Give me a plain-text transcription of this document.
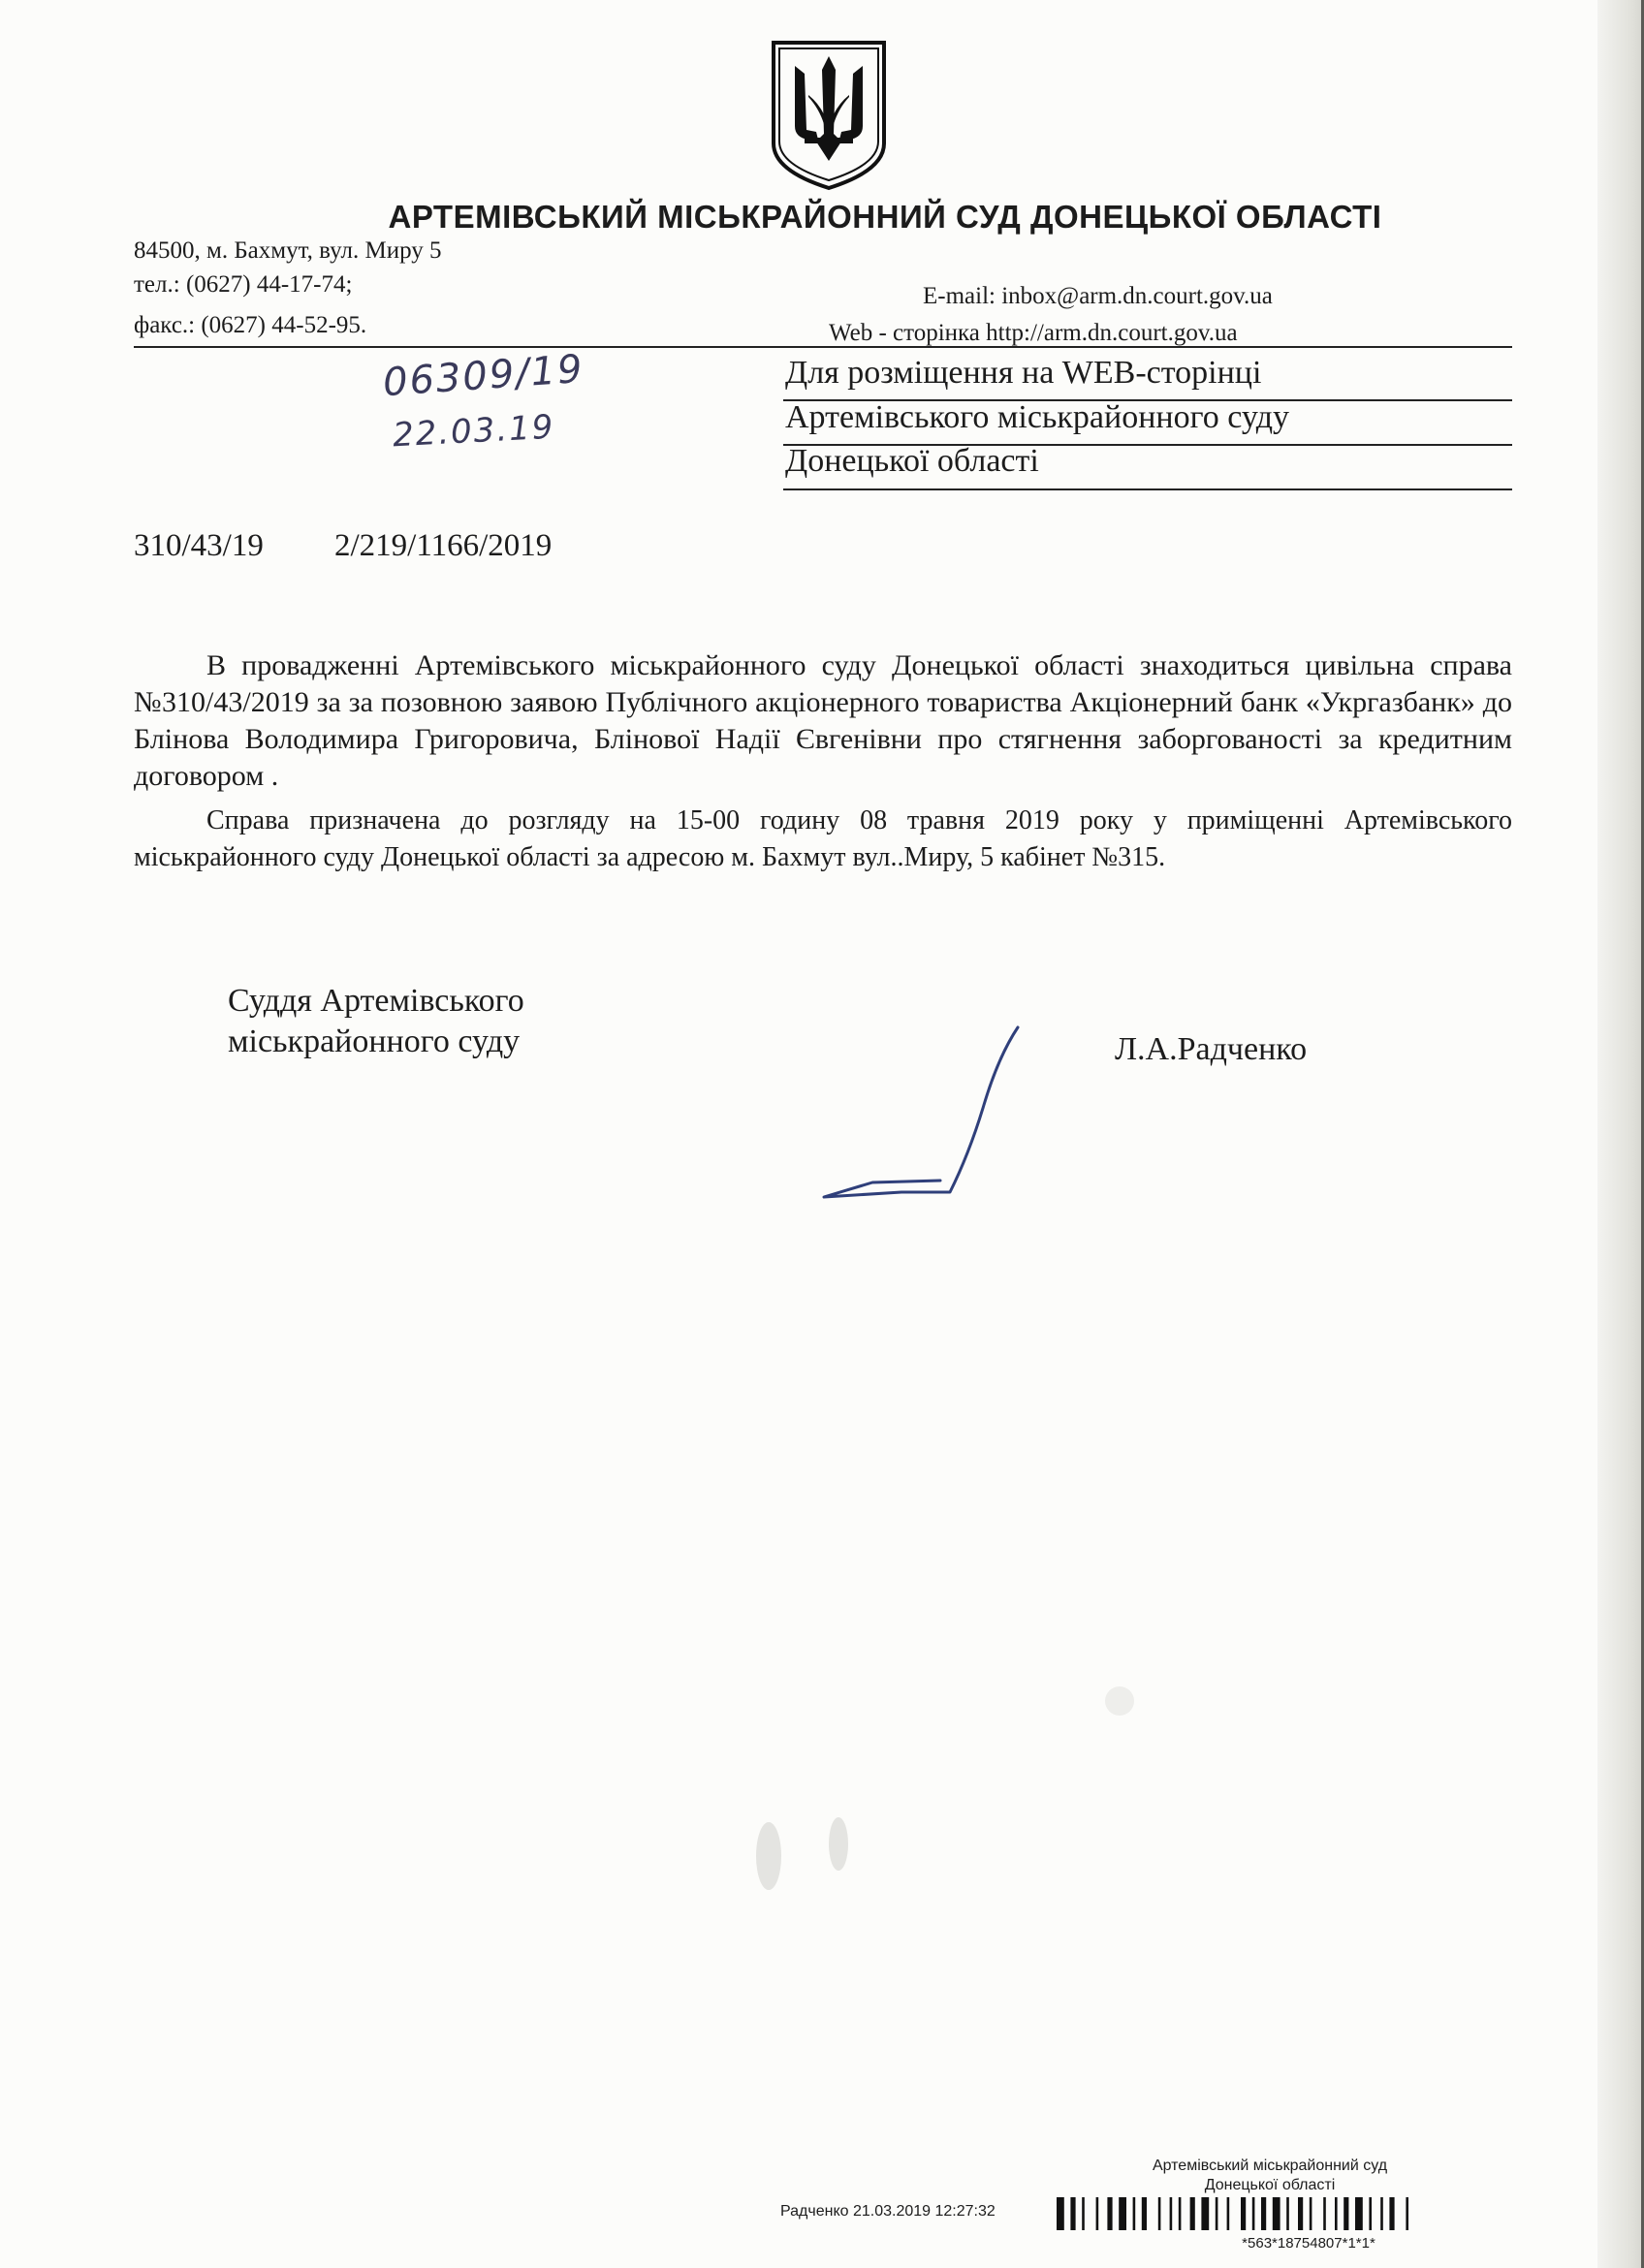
АРТЕМІВСЬКИЙ МІСЬКРАЙОННИЙ СУД ДОНЕЦЬКОЇ ОБЛАСТІ
84500, м. Бахмут, вул. Миру 5
тел.: (0627) 44-17-74;
факс.: (0627) 44-52-95.
E-mail: inbox@arm.dn.court.gov.ua
Web - сторінка http://arm.dn.court.gov.ua
06309/19
22.03.19
Для розміщення на WEB-сторінці
Артемівського міськрайонного суду
Донецької області
310/43/19 2/219/1166/2019

В провадженні Артемівського міськрайонного суду Донецької області знаходиться цивільна справа №310/43/2019 за за позовною заявою Публічного акціонерного товариства Акціонерний банк «Укргазбанк» до Блінова Володимира Григоровича, Блінової Надії Євгенівни про стягнення заборгованості за кредитним договором .

Справа призначена до розгляду на 15-00 годину 08 травня 2019 року у приміщенні Артемівського міськрайонного суду Донецької області за адресою м. Бахмут вул..Миру, 5 кабінет №315.

Суддя Артемівського
міськрайонного суду	Л.А.Радченко
Артемівський міськрайонний суд
Донецької області
Радченко 21.03.2019 12:27:32
*563*18754807*1*1*
